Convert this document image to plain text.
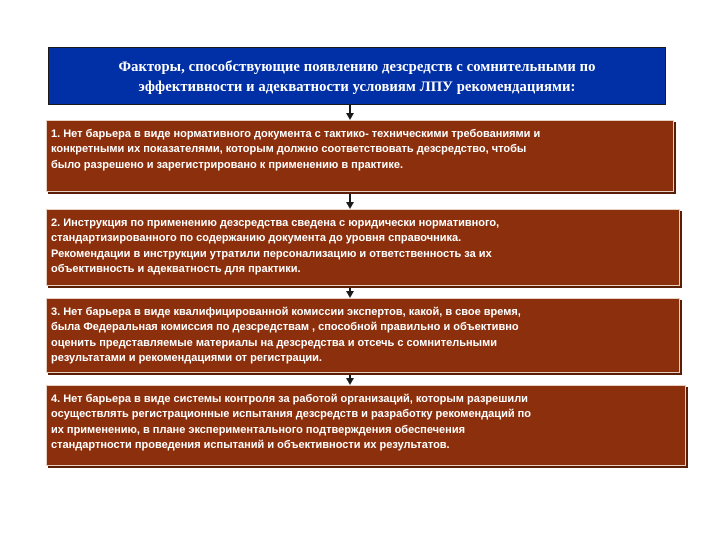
Факторы, способствующие появлению дезсредств с сомнительными по
эффективности и адекватности условиям ЛПУ рекомендациями:
1. Нет барьера в виде нормативного документа с тактико- техническими требованиями и
конкретными их показателями, которым должно соответствовать дезсредство, чтобы
было разрешено и зарегистрировано к применению в практике.
2. Инструкция по применению дезсредства сведена с юридически нормативного,
стандартизированного по содержанию документа до уровня справочника.
Рекомендации в инструкции утратили персонализацию и ответственность за их
объективность и адекватность для практики.
3. Нет барьера в виде квалифицированной комиссии экспертов, какой, в свое время,
была Федеральная комиссия по дезсредствам , способной правильно и объективно
оценить представляемые материалы на дезсредства и отсечь с сомнительными
результатами и рекомендациями от регистрации.
4. Нет барьера в виде системы контроля за работой организаций, которым разрешили
осуществлять регистрационные испытания дезсредств и разработку рекомендаций по
их применению, в плане экспериментального подтверждения обеспечения
стандартности проведения испытаний и объективности их результатов.
